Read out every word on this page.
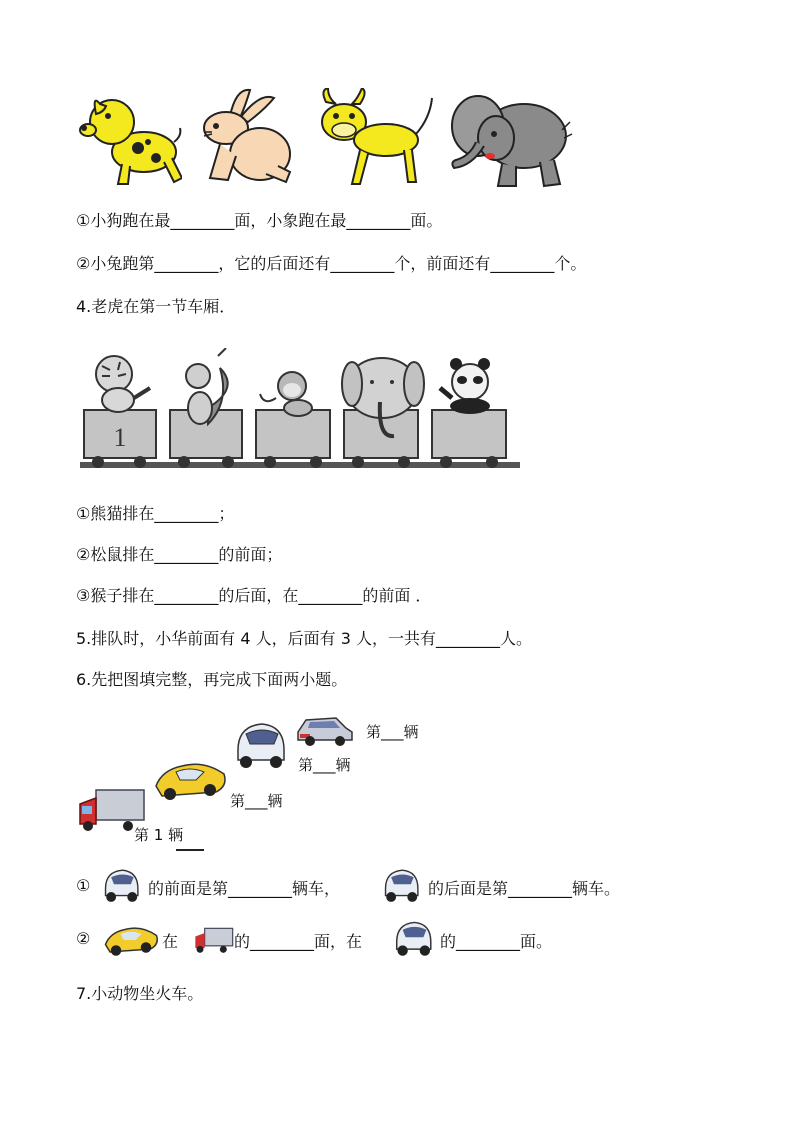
①小狗跑在最________面，小象跑在最________面。
②小兔跑第________，它的后面还有________个，前面还有________个。
4.老虎在第一节车厢．
1
①熊猫排在________；
②松鼠排在________的前面；
③猴子排在________的后面，在________的前面 ．
5.排队时，小华前面有 4 人，后面有 3 人，一共有________人。
6.先把图填完整，再完成下面两小题。
第 1 辆
第___辆
第___辆
第___辆
①	的前面是第________辆车，	的后面是第________辆车。
②	在	的________面，在	的________面。
7.小动物坐火车。
